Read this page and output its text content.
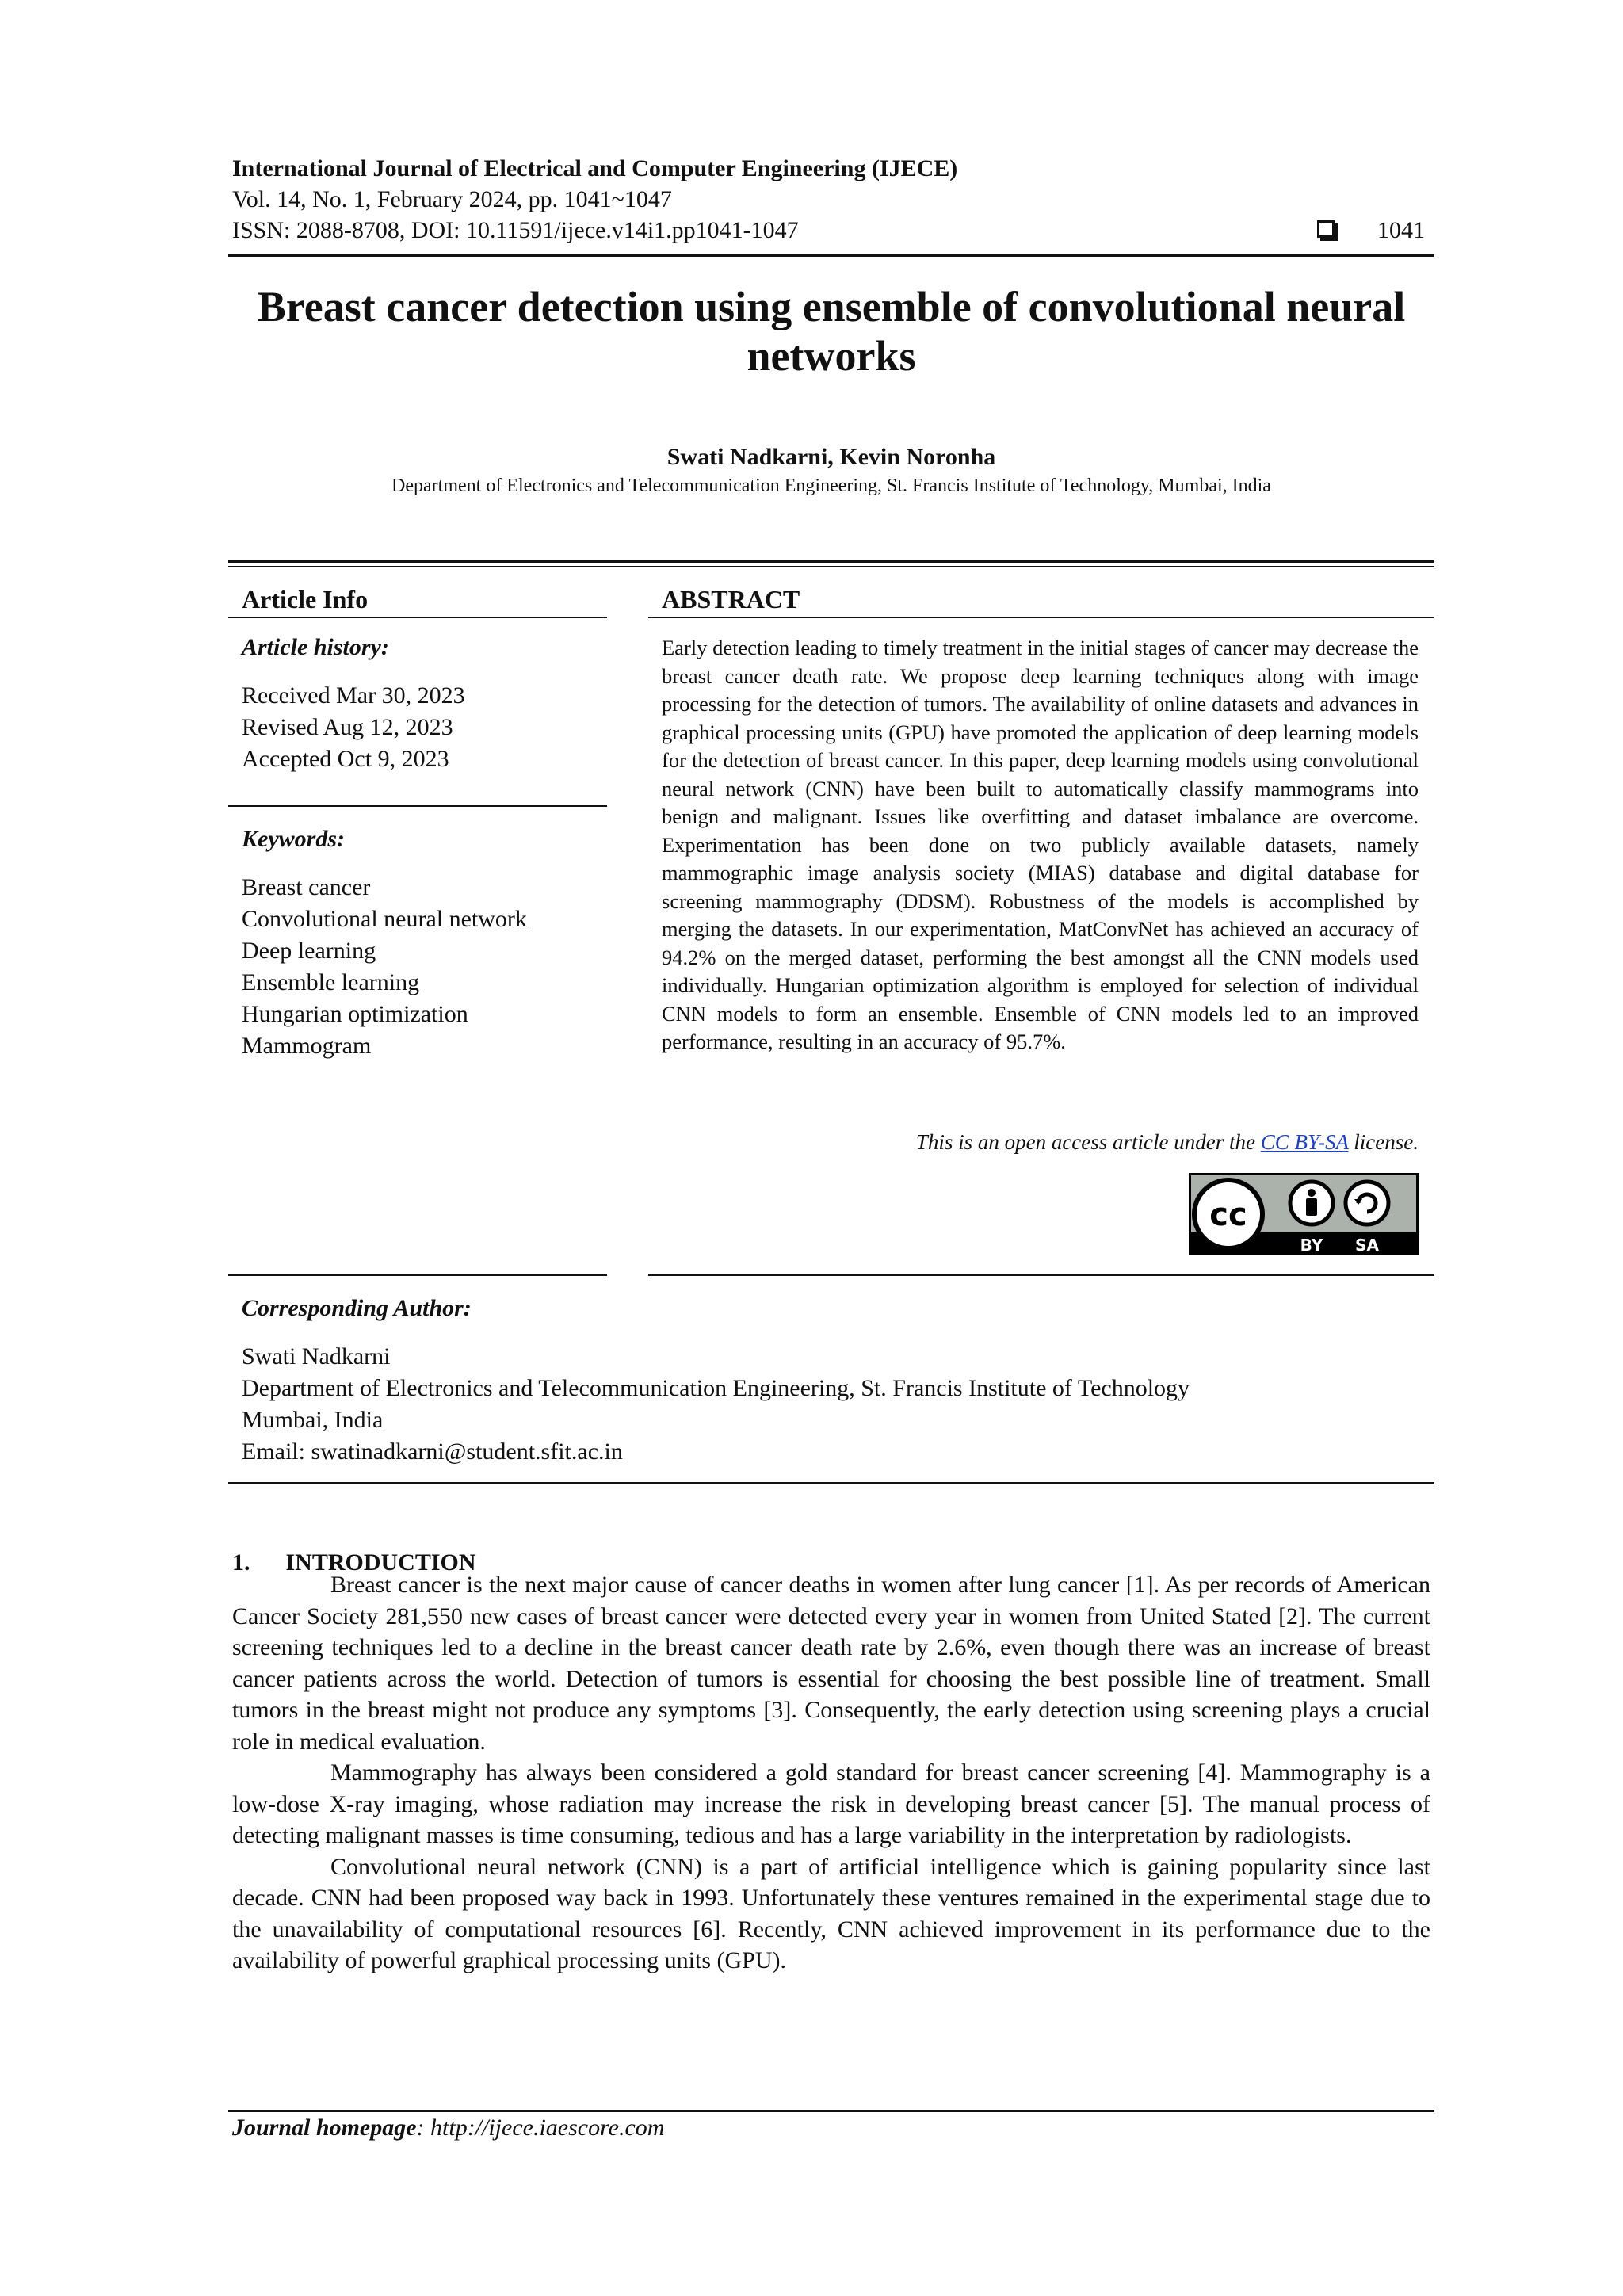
International Journal of Electrical and Computer Engineering (IJECE)
Vol. 14, No. 1, February 2024, pp. 1041~1047
ISSN: 2088-8708, DOI: 10.11591/ijece.v14i1.pp1041-1047	1041
Breast cancer detection using ensemble of convolutional neural networks
Swati Nadkarni, Kevin Noronha
Department of Electronics and Telecommunication Engineering, St. Francis Institute of Technology, Mumbai, India
Article Info
Article history:
Received Mar 30, 2023
Revised Aug 12, 2023
Accepted Oct 9, 2023
Keywords:
Breast cancer
Convolutional neural network
Deep learning
Ensemble learning
Hungarian optimization
Mammogram
ABSTRACT
Early detection leading to timely treatment in the initial stages of cancer may decrease the breast cancer death rate. We propose deep learning techniques along with image processing for the detection of tumors. The availability of online datasets and advances in graphical processing units (GPU) have promoted the application of deep learning models for the detection of breast cancer. In this paper, deep learning models using convolutional neural network (CNN) have been built to automatically classify mammograms into benign and malignant. Issues like overfitting and dataset imbalance are overcome. Experimentation has been done on two publicly available datasets, namely mammographic image analysis society (MIAS) database and digital database for screening mammography (DDSM). Robustness of the models is accomplished by merging the datasets. In our experimentation, MatConvNet has achieved an accuracy of 94.2% on the merged dataset, performing the best amongst all the CNN models used individually. Hungarian optimization algorithm is employed for selection of individual CNN models to form an ensemble. Ensemble of CNN models led to an improved performance, resulting in an accuracy of 95.7%.
This is an open access article under the CC BY-SA license.
cc
BY SA
Corresponding Author:
Swati Nadkarni
Department of Electronics and Telecommunication Engineering, St. Francis Institute of Technology
Mumbai, India
Email: swatinadkarni@student.sfit.ac.in
1.      INTRODUCTION

Breast cancer is the next major cause of cancer deaths in women after lung cancer [1]. As per records of American Cancer Society 281,550 new cases of breast cancer were detected every year in women from United Stated [2]. The current screening techniques led to a decline in the breast cancer death rate by 2.6%, even though there was an increase of breast cancer patients across the world. Detection of tumors is essential for choosing the best possible line of treatment. Small tumors in the breast might not produce any symptoms [3]. Consequently, the early detection using screening plays a crucial role in medical evaluation.

Mammography has always been considered a gold standard for breast cancer screening [4]. Mammography is a low-dose X-ray imaging, whose radiation may increase the risk in developing breast cancer [5]. The manual process of detecting malignant masses is time consuming, tedious and has a large variability in the interpretation by radiologists.

Convolutional neural network (CNN) is a part of artificial intelligence which is gaining popularity since last decade. CNN had been proposed way back in 1993. Unfortunately these ventures remained in the experimental stage due to the unavailability of computational resources [6]. Recently, CNN achieved improvement in its performance due to the availability of powerful graphical processing units (GPU).

Journal homepage: http://ijece.iaescore.com
